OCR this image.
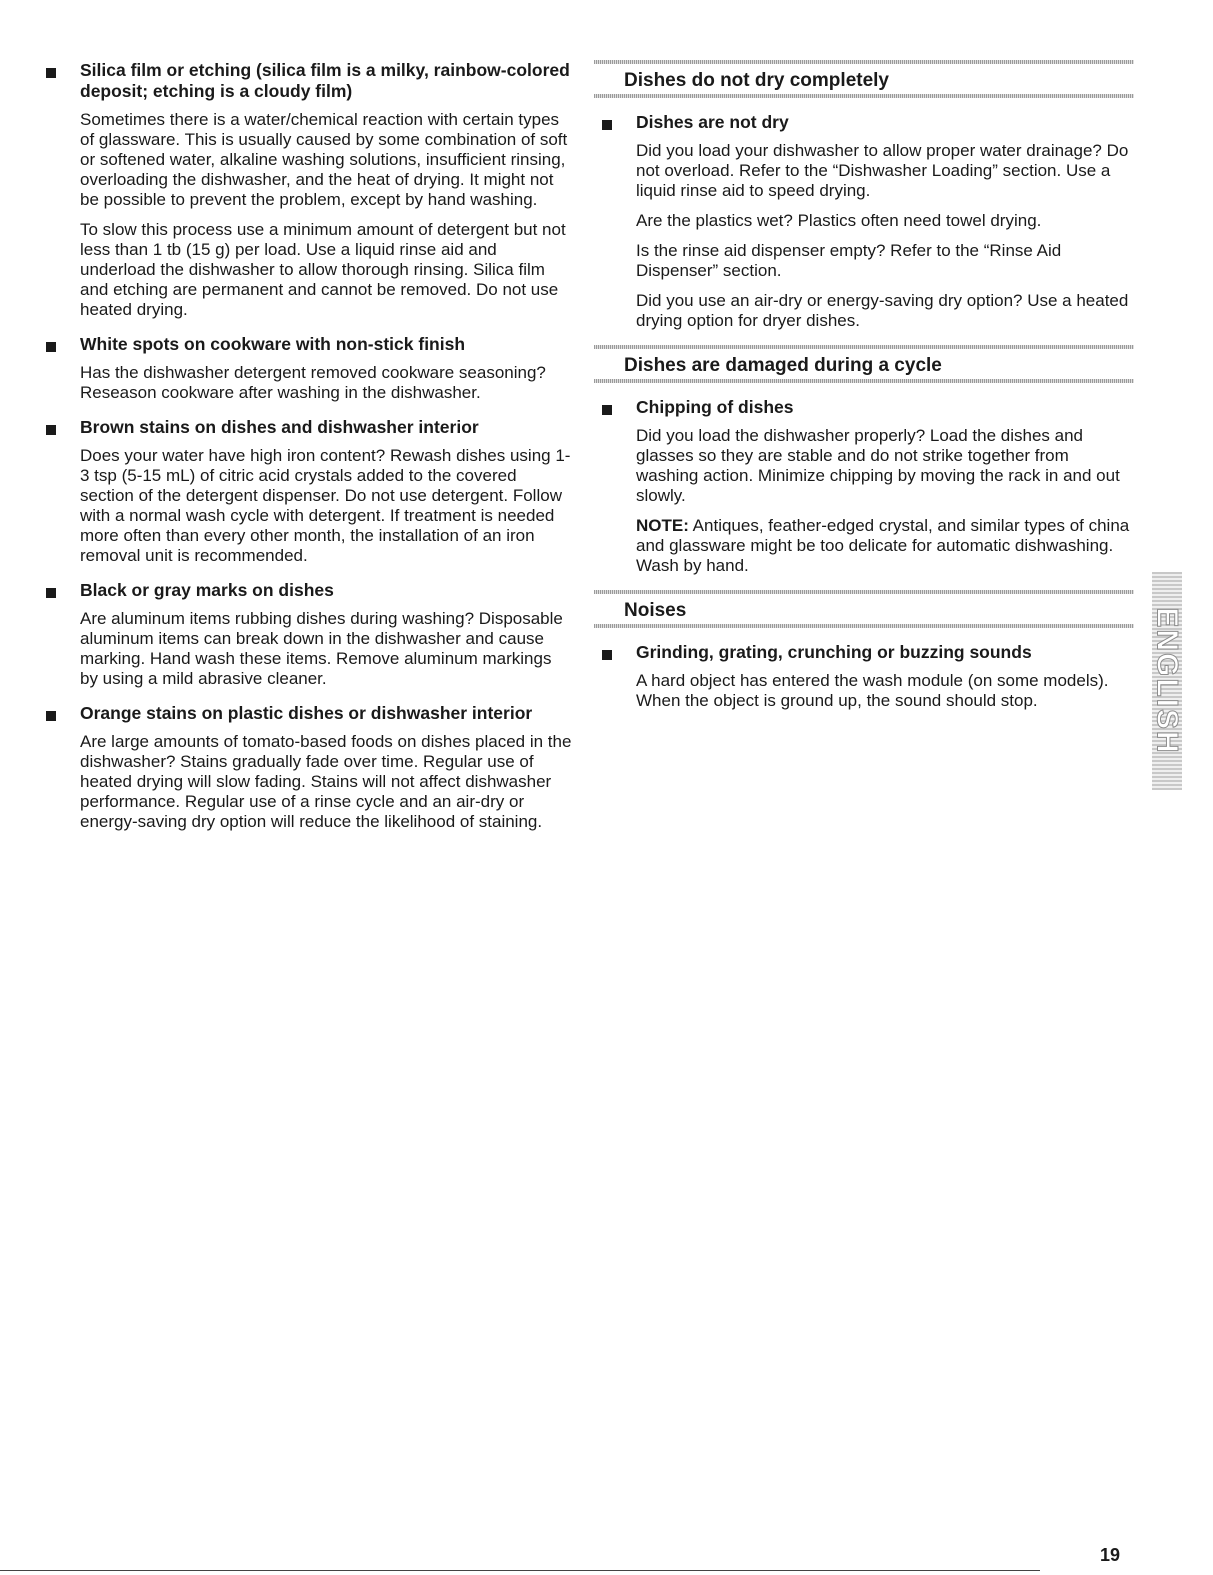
Silica film or etching (silica film is a milky, rainbow-colored deposit; etching is a cloudy film)

Sometimes there is a water/chemical reaction with certain types of glassware. This is usually caused by some combination of soft or softened water, alkaline washing solutions, insufficient rinsing, overloading the dishwasher, and the heat of drying. It might not be possible to prevent the problem, except by hand washing.

To slow this process use a minimum amount of detergent but not less than 1 tb (15 g) per load. Use a liquid rinse aid and underload the dishwasher to allow thorough rinsing. Silica film and etching are permanent and cannot be removed. Do not use heated drying.

White spots on cookware with non-stick finish

Has the dishwasher detergent removed cookware seasoning? Reseason cookware after washing in the dishwasher.

Brown stains on dishes and dishwasher interior

Does your water have high iron content? Rewash dishes using 1-3 tsp (5-15 mL) of citric acid crystals added to the covered section of the detergent dispenser. Do not use detergent. Follow with a normal wash cycle with detergent. If treatment is needed more often than every other month, the installation of an iron removal unit is recommended.

Black or gray marks on dishes

Are aluminum items rubbing dishes during washing? Disposable aluminum items can break down in the dishwasher and cause marking. Hand wash these items. Remove aluminum markings by using a mild abrasive cleaner.

Orange stains on plastic dishes or dishwasher interior

Are large amounts of tomato-based foods on dishes placed in the dishwasher? Stains gradually fade over time. Regular use of heated drying will slow fading. Stains will not affect dishwasher performance. Regular use of a rinse cycle and an air-dry or energy-saving dry option will reduce the likelihood of staining.

Dishes do not dry completely
Dishes are not dry

Did you load your dishwasher to allow proper water drainage? Do not overload. Refer to the “Dishwasher Loading” section. Use a liquid rinse aid to speed drying.

Are the plastics wet? Plastics often need towel drying.

Is the rinse aid dispenser empty? Refer to the “Rinse Aid Dispenser” section.

Did you use an air-dry or energy-saving dry option? Use a heated drying option for dryer dishes.

Dishes are damaged during a cycle
Chipping of dishes

Did you load the dishwasher properly? Load the dishes and glasses so they are stable and do not strike together from washing action. Minimize chipping by moving the rack in and out slowly.

NOTE: Antiques, feather-edged crystal, and similar types of china and glassware might be too delicate for automatic dishwashing. Wash by hand.

Noises
Grinding, grating, crunching or buzzing sounds

A hard object has entered the wash module (on some models). When the object is ground up, the sound should stop.	ENGLISH
19
